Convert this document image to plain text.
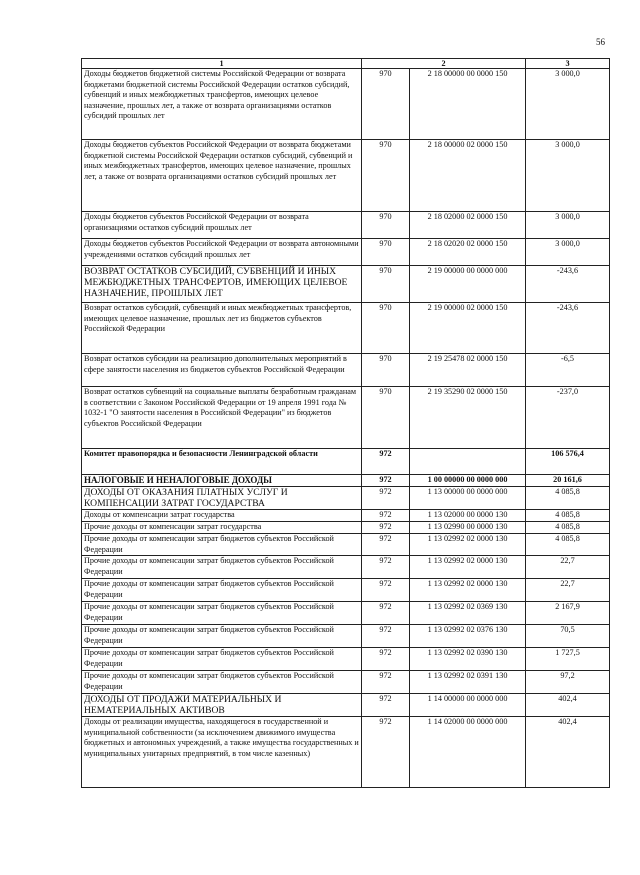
56
1	2		3
Доходы бюджетов бюджетной системы Российской Федерации от возврата бюджетами бюджетной системы Российской Федерации остатков субсидий, субвенций и иных межбюджетных трансфертов, имеющих целевое назначение, прошлых лет, а также от возврата организациями остатков субсидий прошлых лет	970	2 18 00000 00 0000 150	3 000,0
Доходы бюджетов субъектов Российской Федерации от возврата бюджетами бюджетной системы Российской Федерации остатков субсидий, субвенций и иных межбюджетных трансфертов, имеющих целевое назначение, прошлых лет, а также от возврата организациями остатков субсидий прошлых лет	970	2 18 00000 02 0000 150	3 000,0
Доходы бюджетов субъектов Российской Федерации от возврата организациями остатков субсидий прошлых лет	970	2 18 02000 02 0000 150	3 000,0
Доходы бюджетов субъектов Российской Федерации от возврата автономными учреждениями остатков субсидий прошлых лет	970	2 18 02020 02 0000 150	3 000,0
ВОЗВРАТ ОСТАТКОВ СУБСИДИЙ, СУБВЕНЦИЙ И ИНЫХ МЕЖБЮДЖЕТНЫХ ТРАНСФЕРТОВ, ИМЕЮЩИХ ЦЕЛЕВОЕ НАЗНАЧЕНИЕ, ПРОШЛЫХ ЛЕТ	970	2 19 00000 00 0000 000	-243,6
Возврат остатков субсидий, субвенций и иных межбюджетных трансфертов, имеющих целевое назначение, прошлых лет из бюджетов субъектов Российской Федерации	970	2 19 00000 02 0000 150	-243,6
Возврат остатков субсидии на реализацию дополнительных мероприятий в сфере занятости населения из бюджетов субъектов Российской Федерации	970	2 19 25478 02 0000 150	-6,5
Возврат остатков субвенций на социальные выплаты безработным гражданам в соответствии с Законом Российской Федерации от 19 апреля 1991 года № 1032-1 "О занятости населения в Российской Федерации" из бюджетов субъектов Российской Федерации	970	2 19 35290 02 0000 150	-237,0
Комитет правопорядка и безопасности Ленинградской области	972		106 576,4
НАЛОГОВЫЕ И НЕНАЛОГОВЫЕ ДОХОДЫ	972	1 00 00000 00 0000 000	20 161,6
ДОХОДЫ ОТ ОКАЗАНИЯ ПЛАТНЫХ УСЛУГ И КОМПЕНСАЦИИ ЗАТРАТ ГОСУДАРСТВА	972	1 13 00000 00 0000 000	4 085,8
Доходы от компенсации затрат государства	972	1 13 02000 00 0000 130	4 085,8
Прочие доходы от компенсации затрат государства	972	1 13 02990 00 0000 130	4 085,8
Прочие доходы от компенсации затрат бюджетов субъектов Российской Федерации	972	1 13 02992 02 0000 130	4 085,8
Прочие доходы от компенсации затрат бюджетов субъектов Российской Федерации	972	1 13 02992 02 0000 130	22,7
Прочие доходы от компенсации затрат бюджетов субъектов Российской Федерации	972	1 13 02992 02 0000 130	22,7
Прочие доходы от компенсации затрат бюджетов субъектов Российской Федерации	972	1 13 02992 02 0369 130	2 167,9
Прочие доходы от компенсации затрат бюджетов субъектов Российской Федерации	972	1 13 02992 02 0376 130	70,5
Прочие доходы от компенсации затрат бюджетов субъектов Российской Федерации	972	1 13 02992 02 0390 130	1 727,5
Прочие доходы от компенсации затрат бюджетов субъектов Российской Федерации	972	1 13 02992 02 0391 130	97,2
ДОХОДЫ ОТ ПРОДАЖИ МАТЕРИАЛЬНЫХ И НЕМАТЕРИАЛЬНЫХ АКТИВОВ	972	1 14 00000 00 0000 000	402,4
Доходы от реализации имущества, находящегося в государственной и муниципальной собственности (за исключением движимого имущества бюджетных и автономных учреждений, а также имущества государственных и муниципальных унитарных предприятий, в том числе казенных)	972	1 14 02000 00 0000 000	402,4
